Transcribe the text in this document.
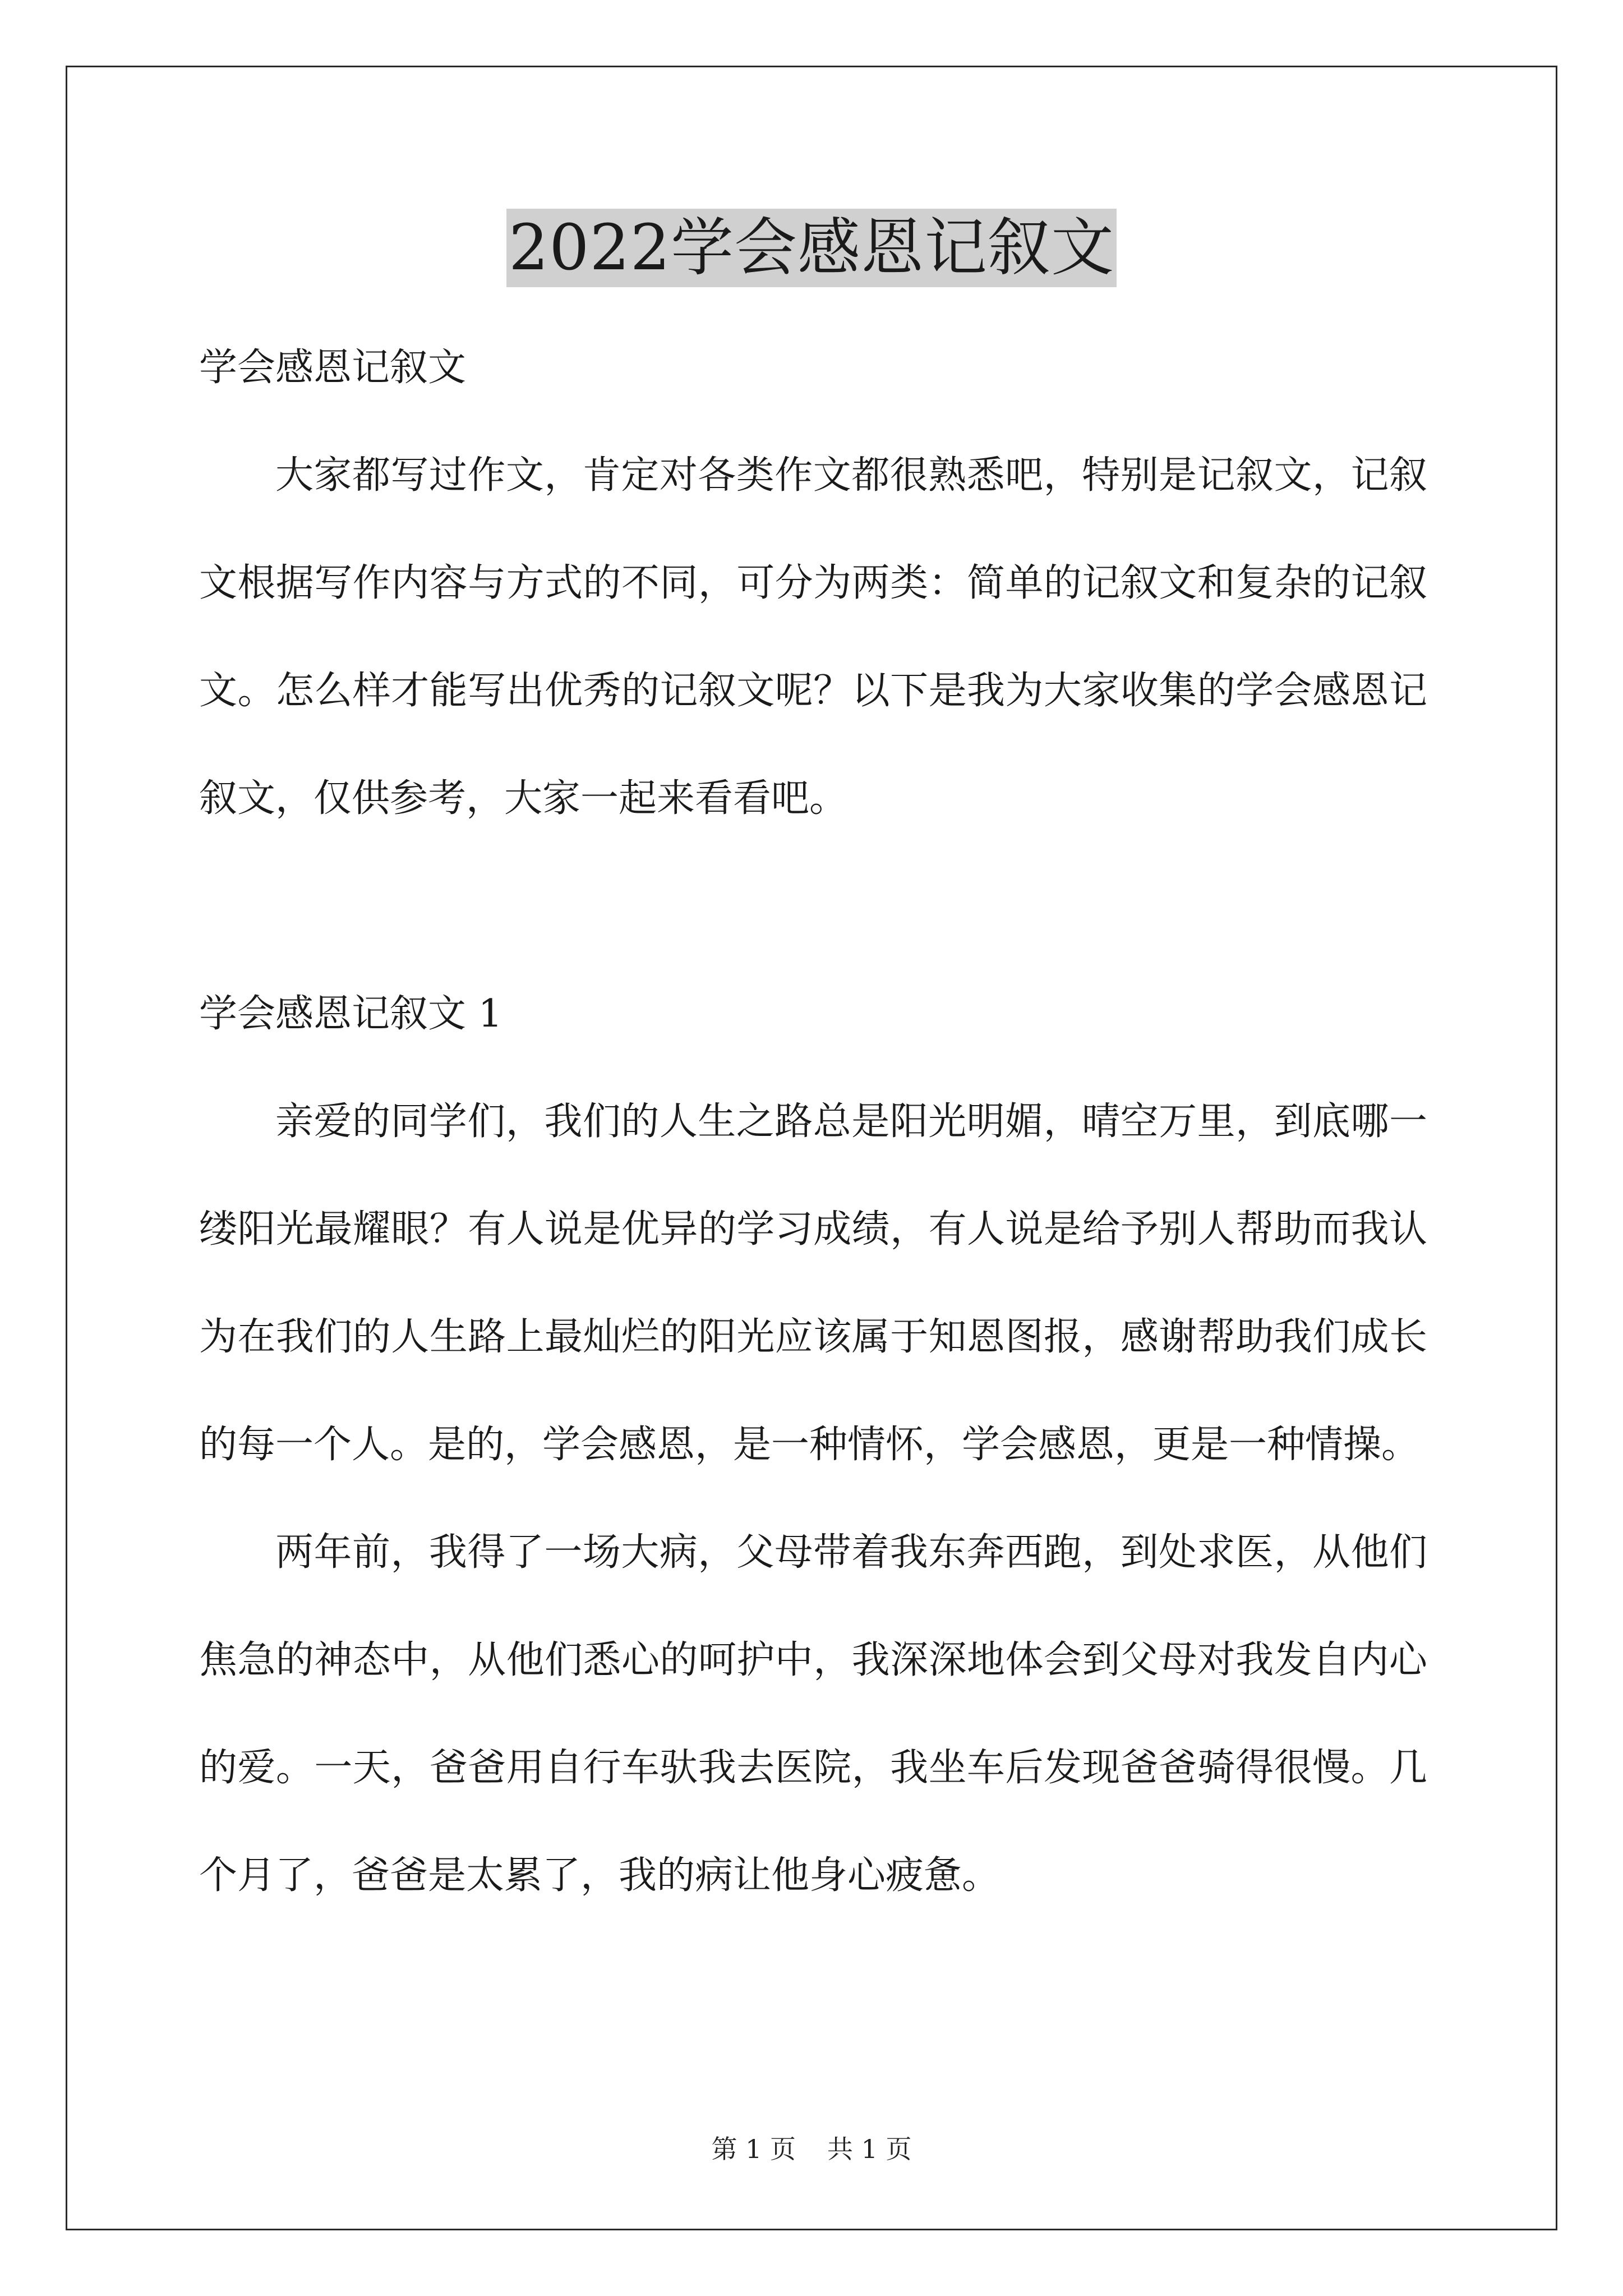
2022学会感恩记叙文

学会感恩记叙文

大家都写过作文，肯定对各类作文都很熟悉吧，特别是记叙文，记叙文根据写作内容与方式的不同，可分为两类：简单的记叙文和复杂的记叙文。怎么样才能写出优秀的记叙文呢？以下是我为大家收集的学会感恩记叙文，仅供参考，大家一起来看看吧。

学会感恩记叙文 1

亲爱的同学们，我们的人生之路总是阳光明媚，晴空万里，到底哪一缕阳光最耀眼？有人说是优异的学习成绩，有人说是给予别人帮助而我认为在我们的人生路上最灿烂的阳光应该属于知恩图报，感谢帮助我们成长的每一个人。是的，学会感恩，是一种情怀，学会感恩，更是一种情操。

两年前，我得了一场大病，父母带着我东奔西跑，到处求医，从他们焦急的神态中，从他们悉心的呵护中，我深深地体会到父母对我发自内心的爱。一天，爸爸用自行车驮我去医院，我坐车后发现爸爸骑得很慢。几个月了，爸爸是太累了，我的病让他身心疲惫。

第 1 页 共 1 页
